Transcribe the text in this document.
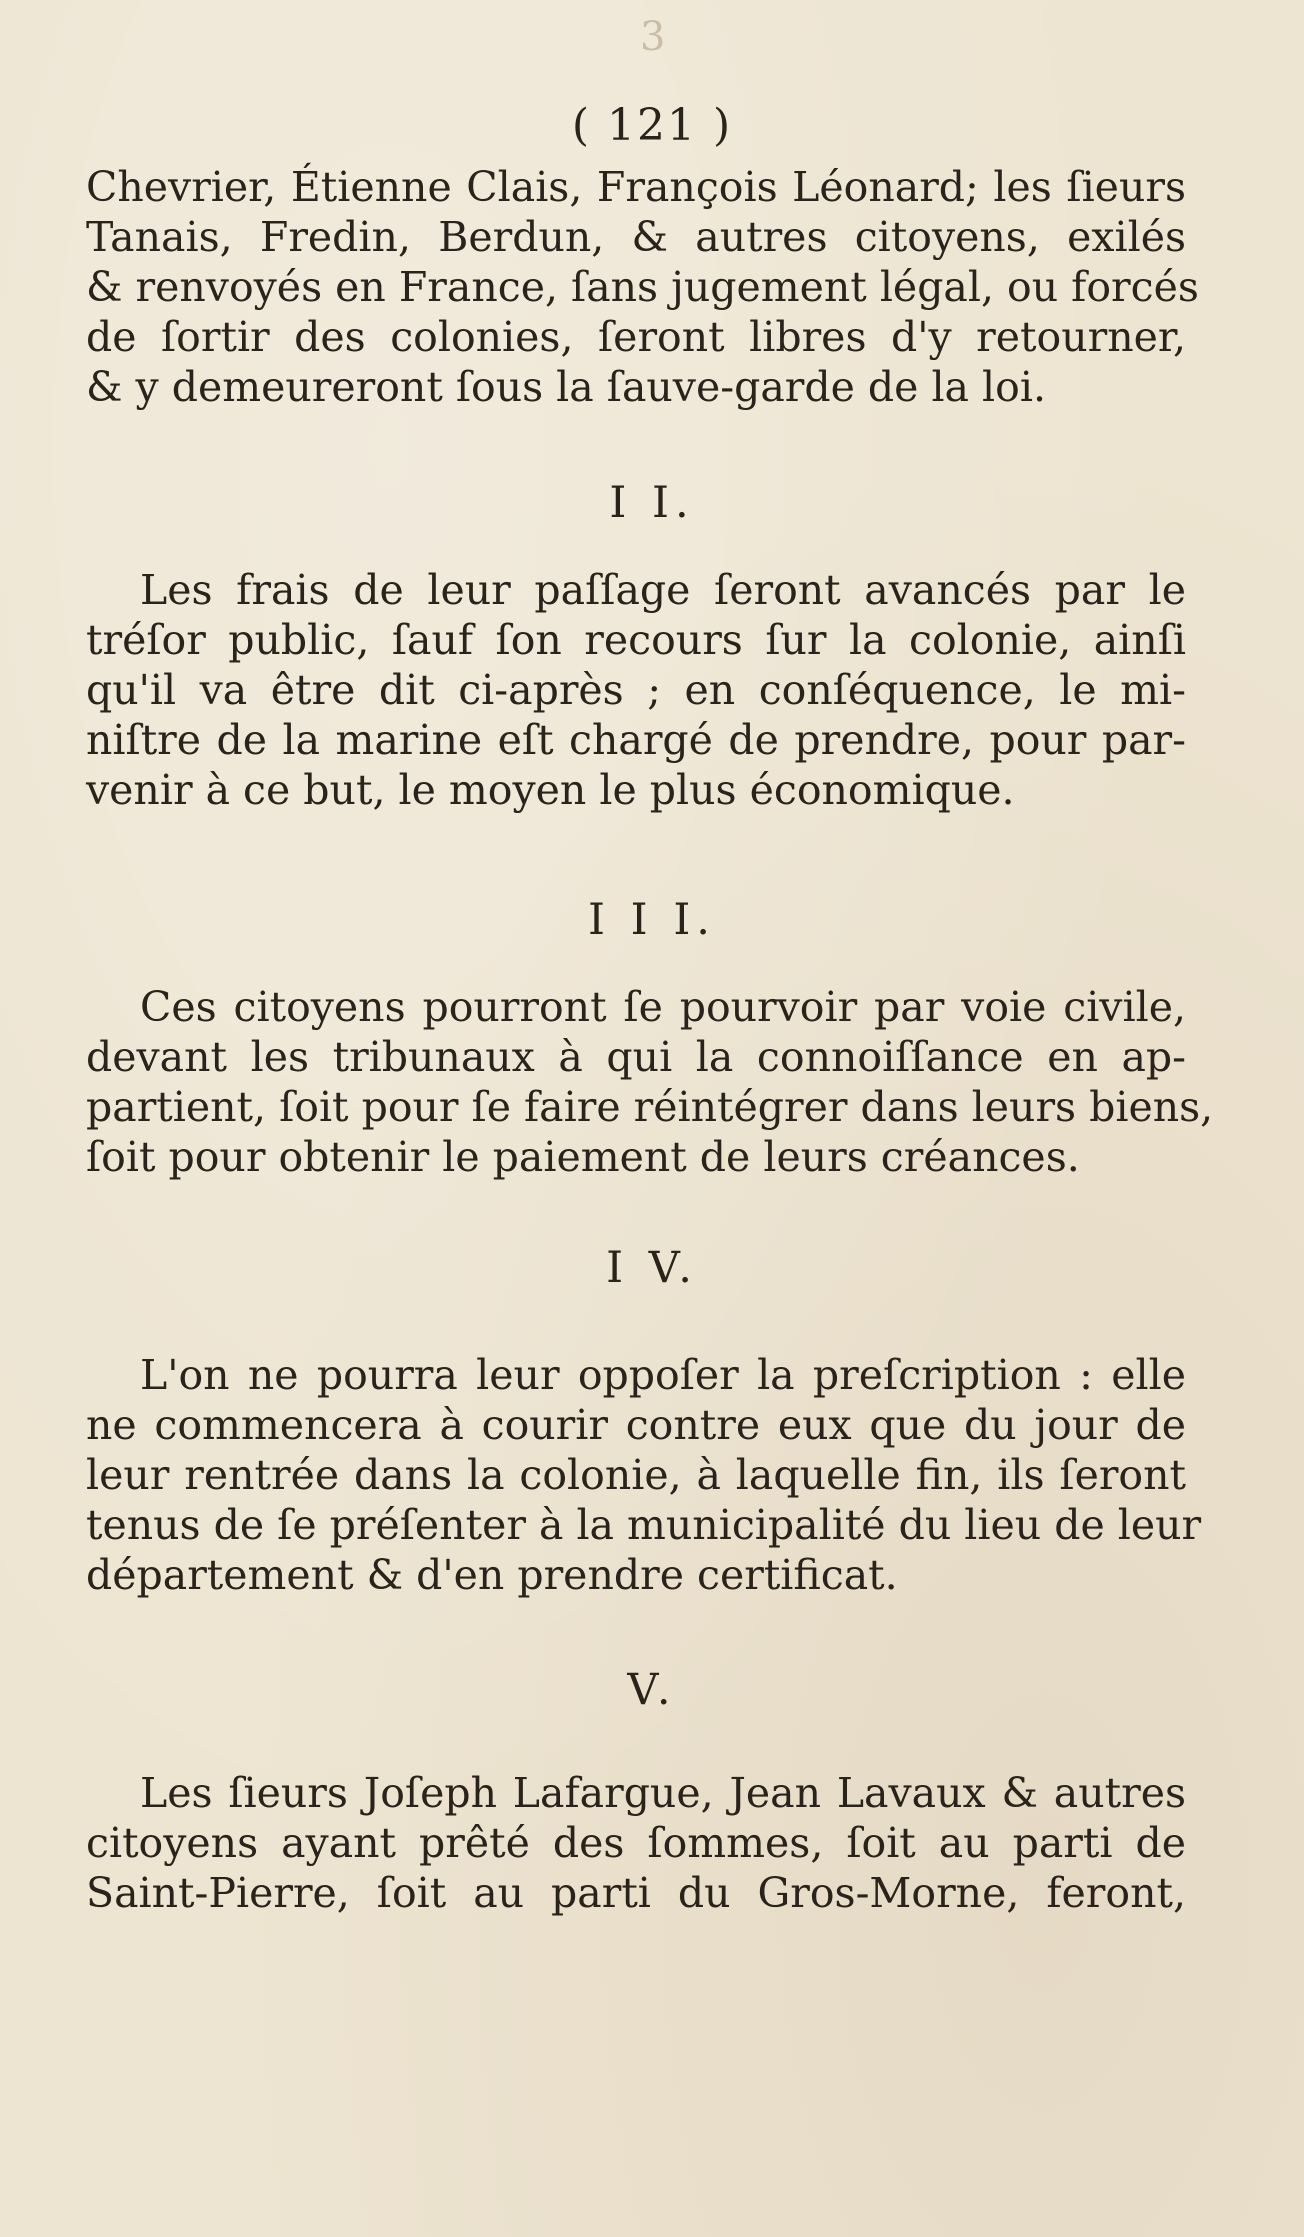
3
( 121 )
Chevrier, Étienne Clais, François Léonard; les ſieurs
Tanais, Fredin, Berdun, & autres citoyens, exilés
& renvoyés en France, ſans jugement légal, ou forcés
de ſortir des colonies, ſeront libres d'y retourner,
& y demeureront ſous la ſauve-garde de la loi.
I I.
Les frais de leur paſſage ſeront avancés par le
tréſor public, ſauf ſon recours ſur la colonie, ainſi
qu'il va être dit ci-après ; en conſéquence, le mi-
niſtre de la marine eſt chargé de prendre, pour par-
venir à ce but, le moyen le plus économique.
I I I.
Ces citoyens pourront ſe pourvoir par voie civile,
devant les tribunaux à qui la connoiſſance en ap-
partient, ſoit pour ſe faire réintégrer dans leurs biens,
ſoit pour obtenir le paiement de leurs créances.
I V.
L'on ne pourra leur oppoſer la preſcription : elle
ne commencera à courir contre eux que du jour de
leur rentrée dans la colonie, à laquelle fin, ils ſeront
tenus de ſe préſenter à la municipalité du lieu de leur
département & d'en prendre certificat.
V.
Les ſieurs Joſeph Lafargue, Jean Lavaux & autres
citoyens ayant prêté des ſommes, ſoit au parti de
Saint-Pierre, ſoit au parti du Gros-Morne, feront,
